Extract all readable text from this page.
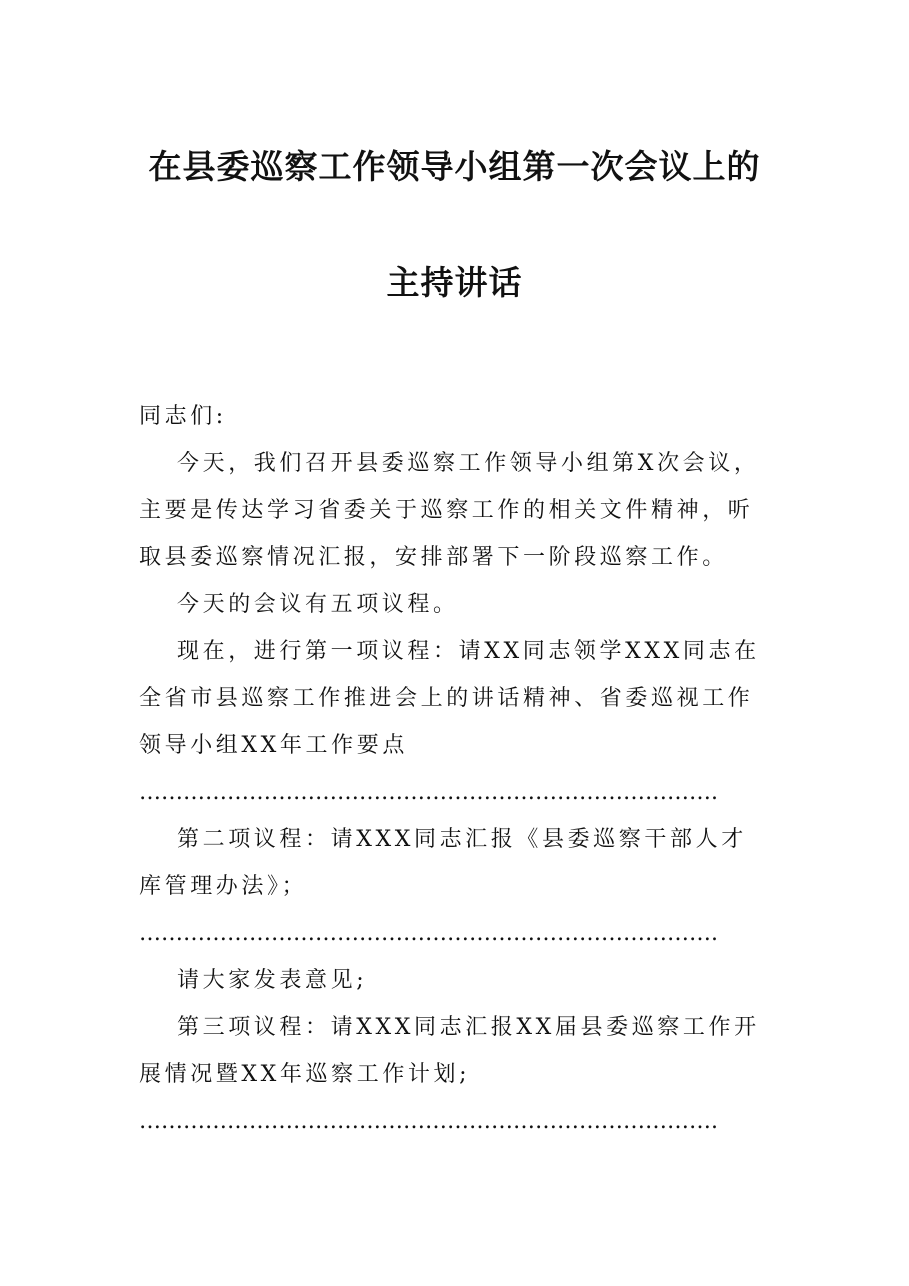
在县委巡察工作领导小组第一次会议上的
主持讲话

同志们:

今天，我们召开县委巡察工作领导小组第X次会议，主要是传达学习省委关于巡察工作的相关文件精神，听取县委巡察情况汇报，安排部署下一阶段巡察工作。

今天的会议有五项议程。

现在，进行第一项议程：请XX同志领学XXX同志在全省市县巡察工作推进会上的讲话精神、省委巡视工作领导小组XX年工作要点

…………………………………………………………………….

第二项议程：请XXX同志汇报《县委巡察干部人才库管理办法》；

…………………………………………………………………….

请大家发表意见;

第三项议程：请XXX同志汇报XX届县委巡察工作开展情况暨XX年巡察工作计划;

…………………………………………………………………….
